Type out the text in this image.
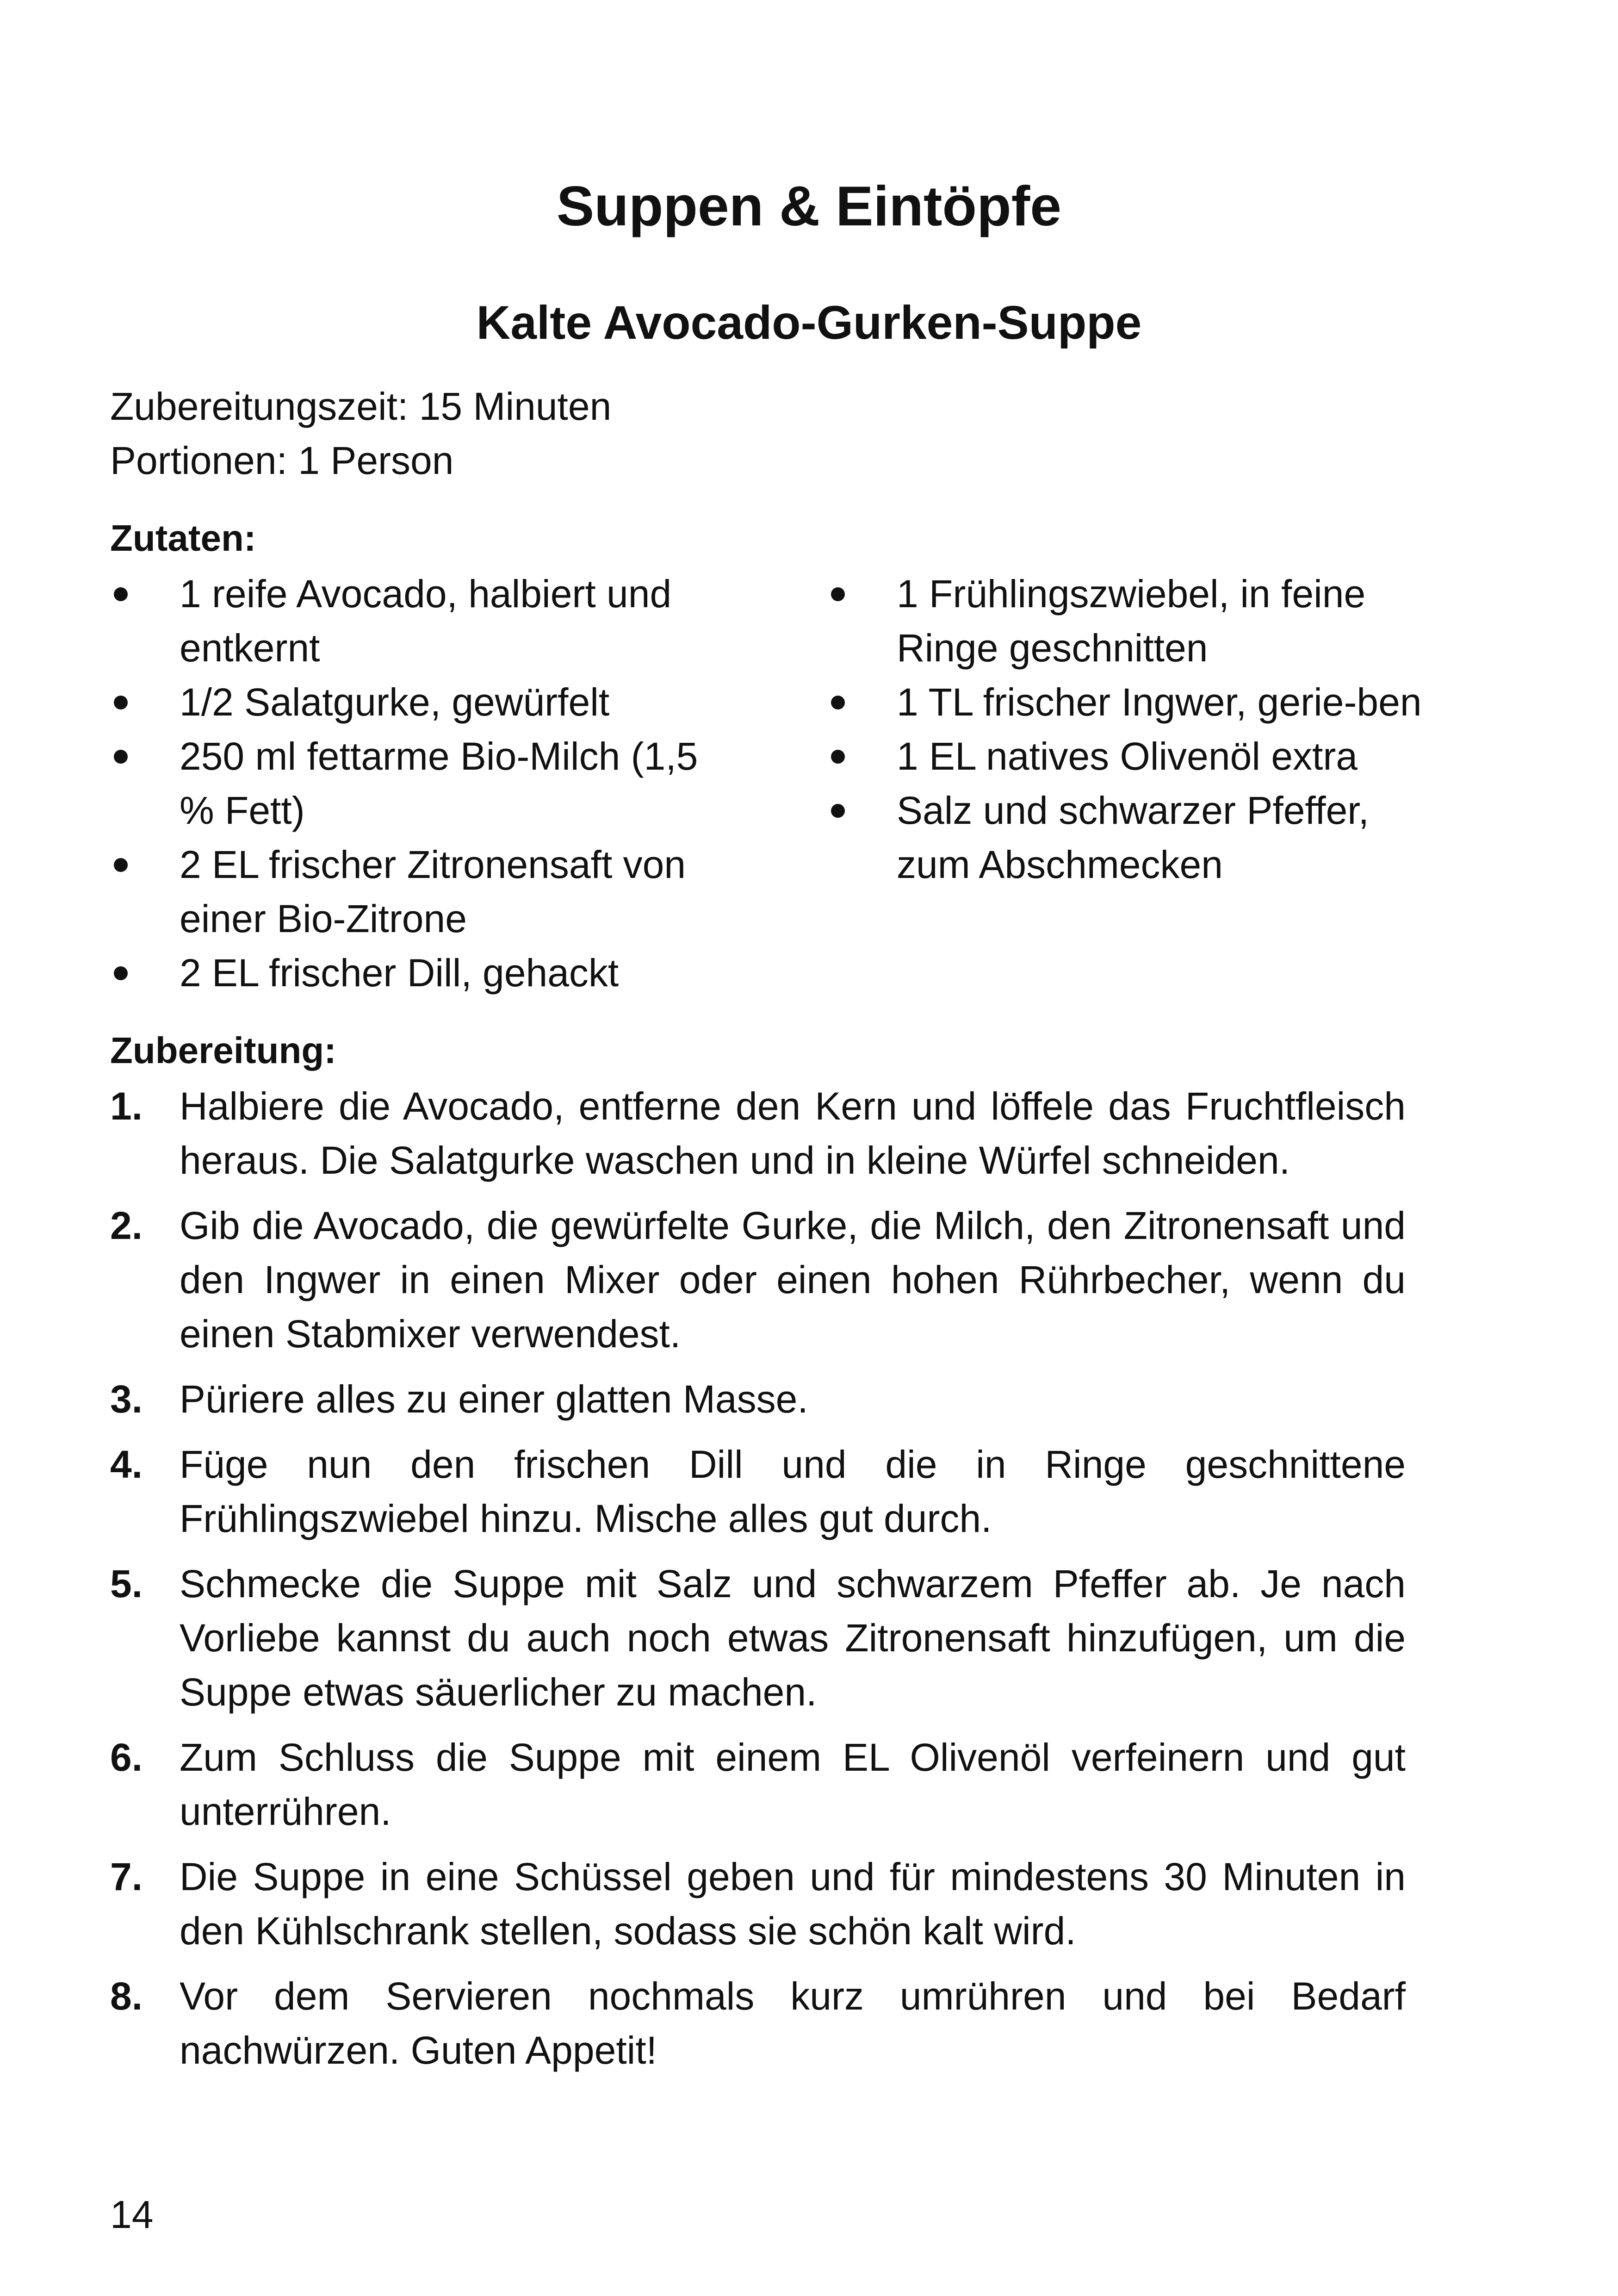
Suppen & Eintöpfe
Kalte Avocado-Gurken-Suppe
Zubereitungszeit: 15 Minuten
Portionen: 1 Person
Zutaten:
1 reife Avocado, halbiert und entkernt
1/2 Salatgurke, gewürfelt
250 ml fettarme Bio-Milch (1,5 % Fett)
2 EL frischer Zitronensaft von einer Bio-Zitrone
2 EL frischer Dill, gehackt
1 Frühlingszwiebel, in feine Ringe geschnitten
1 TL frischer Ingwer, gerie-ben
1 EL natives Olivenöl extra
Salz und schwarzer Pfeffer, zum Abschmecken
Zubereitung:
1. Halbiere die Avocado, entferne den Kern und löffele das Fruchtfleisch heraus. Die Salatgurke waschen und in kleine Würfel schneiden.
2. Gib die Avocado, die gewürfelte Gurke, die Milch, den Zitronensaft und den Ingwer in einen Mixer oder einen hohen Rührbecher, wenn du einen Stabmixer verwendest.
3. Püriere alles zu einer glatten Masse.
4. Füge nun den frischen Dill und die in Ringe geschnittene Frühlingszwiebel hinzu. Mische alles gut durch.
5. Schmecke die Suppe mit Salz und schwarzem Pfeffer ab. Je nach Vorliebe kannst du auch noch etwas Zitronensaft hinzufügen, um die Suppe etwas säuerlicher zu machen.
6. Zum Schluss die Suppe mit einem EL Olivenöl verfeinern und gut unterrühren.
7. Die Suppe in eine Schüssel geben und für mindestens 30 Minuten in den Kühlschrank stellen, sodass sie schön kalt wird.
8. Vor dem Servieren nochmals kurz umrühren und bei Bedarf nachwürzen. Guten Appetit!
14
